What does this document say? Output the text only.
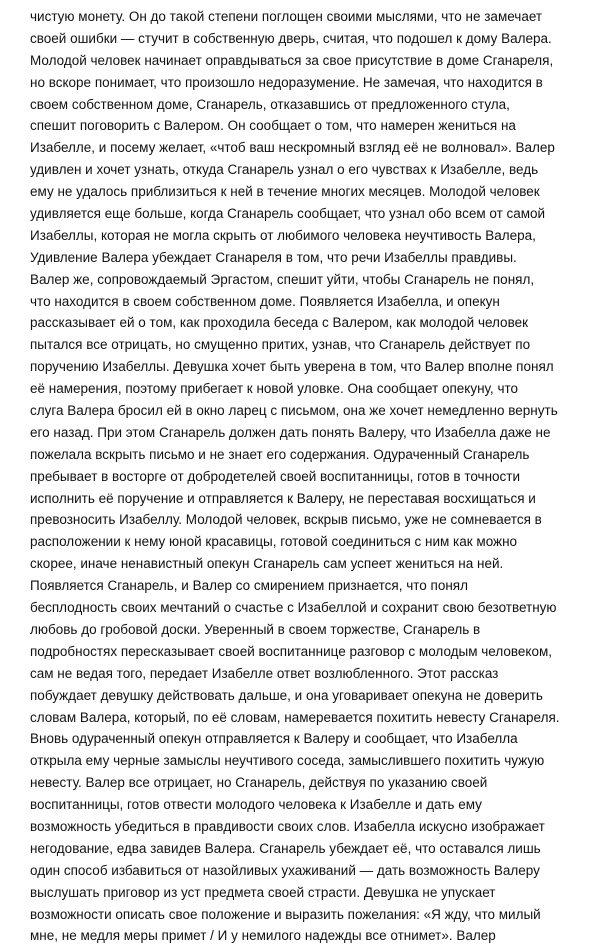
чистую монету. Он до такой степени поглощен своими мыслями, что не замечает
своей ошибки — стучит в собственную дверь, считая, что подошел к дому Валера.
Молодой человек начинает оправдываться за свое присутствие в доме Сганареля,
но вскоре понимает, что произошло недоразумение. Не замечая, что находится в
своем собственном доме, Сганарель, отказавшись от предложенного стула,
спешит поговорить с Валером. Он сообщает о том, что намерен жениться на
Изабелле, и посему желает, «чтоб ваш нескромный взгляд её не волновал». Валер
удивлен и хочет узнать, откуда Сганарель узнал о его чувствах к Изабелле, ведь
ему не удалось приблизиться к ней в течение многих месяцев. Молодой человек
удивляется еще больше, когда Сганарель сообщает, что узнал обо всем от самой
Изабеллы, которая не могла скрыть от любимого человека неучтивость Валера,
Удивление Валера убеждает Сганареля в том, что речи Изабеллы правдивы.
Валер же, сопровождаемый Эргастом, спешит уйти, чтобы Сганарель не понял,
что находится в своем собственном доме. Появляется Изабелла, и опекун
рассказывает ей о том, как проходила беседа с Валером, как молодой человек
пытался все отрицать, но смущенно притих, узнав, что Сганарель действует по
поручению Изабеллы. Девушка хочет быть уверена в том, что Валер вполне понял
её намерения, поэтому прибегает к новой уловке. Она сообщает опекуну, что
слуга Валера бросил ей в окно ларец с письмом, она же хочет немедленно вернуть
его назад. При этом Сганарель должен дать понять Валеру, что Изабелла даже не
пожелала вскрыть письмо и не знает его содержания. Одураченный Сганарель
пребывает в восторге от добродетелей своей воспитанницы, готов в точности
исполнить её поручение и отправляется к Валеру, не переставая восхищаться и
превозносить Изабеллу. Молодой человек, вскрыв письмо, уже не сомневается в
расположении к нему юной красавицы, готовой соединиться с ним как можно
скорее, иначе ненавистный опекун Сганарель сам успеет жениться на ней.
Появляется Сганарель, и Валер со смирением признается, что понял
бесплодность своих мечтаний о счастье с Изабеллой и сохранит свою безответную
любовь до гробовой доски. Уверенный в своем торжестве, Сганарель в
подробностях пересказывает своей воспитаннице разговор с молодым человеком,
сам не ведая того, передает Изабелле ответ возлюбленного. Этот рассказ
побуждает девушку действовать дальше, и она уговаривает опекуна не доверить
словам Валера, который, по её словам, намеревается похитить невесту Сганареля.
Вновь одураченный опекун отправляется к Валеру и сообщает, что Изабелла
открыла ему черные замыслы неучтивого соседа, замыслившего похитить чужую
невесту. Валер все отрицает, но Сганарель, действуя по указанию своей
воспитанницы, готов отвести молодого человека к Изабелле и дать ему
возможность убедиться в правдивости своих слов. Изабелла искусно изображает
негодование, едва завидев Валера. Сганарель убеждает её, что оставался лишь
один способ избавиться от назойливых ухаживаний — дать возможность Валеру
выслушать приговор из уст предмета своей страсти. Девушка не упускает
возможности описать свое положение и выразить пожелания: «Я жду, что милый
мне, не медля меры примет / И у немилого надежды все отнимет». Валер
